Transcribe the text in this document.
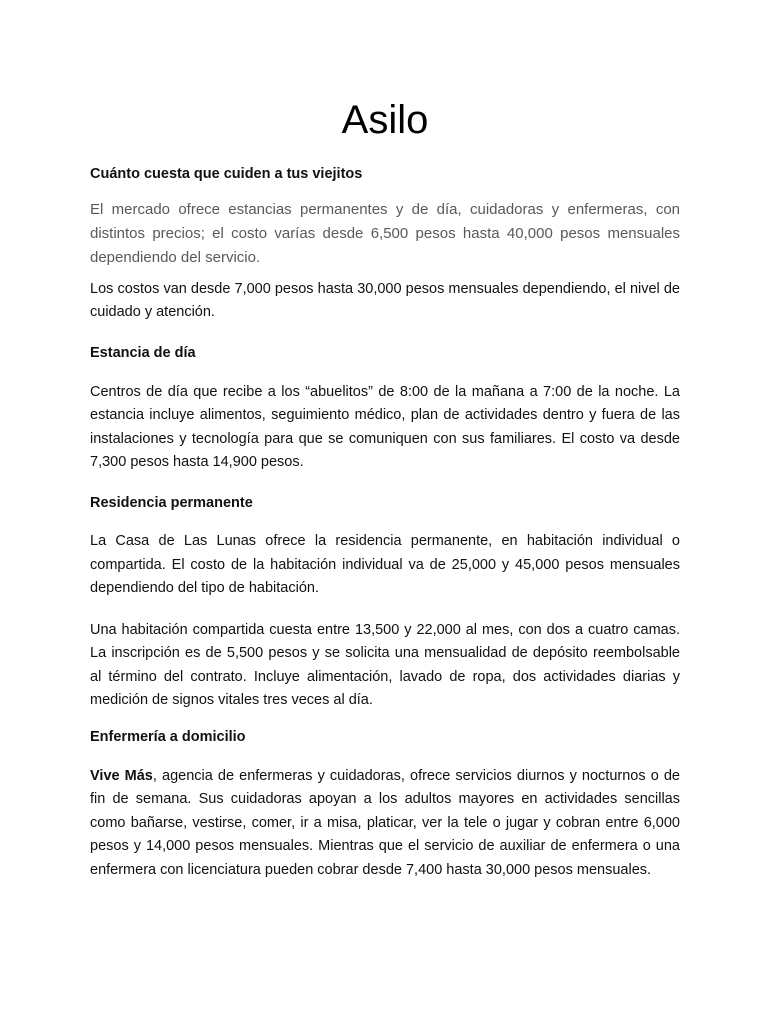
Asilo
Cuánto cuesta que cuiden a tus viejitos

El mercado ofrece estancias permanentes y de día, cuidadoras y enfermeras, con distintos precios; el costo varías desde 6,500 pesos hasta 40,000 pesos mensuales dependiendo del servicio.

Los costos van desde 7,000 pesos hasta 30,000 pesos mensuales dependiendo, el nivel de cuidado y atención.

Estancia de día

Centros de día que recibe a los “abuelitos” de 8:00 de la mañana a 7:00 de la noche. La estancia incluye alimentos, seguimiento médico, plan de actividades dentro y fuera de las instalaciones y tecnología para que se comuniquen con sus familiares. El costo va desde 7,300 pesos hasta 14,900 pesos.

Residencia permanente

La Casa de Las Lunas ofrece la residencia permanente, en habitación individual o compartida. El costo de la habitación individual va de 25,000 y 45,000 pesos mensuales dependiendo del tipo de habitación.

Una habitación compartida cuesta entre 13,500 y 22,000 al mes, con dos a cuatro camas. La inscripción es de 5,500 pesos y se solicita una mensualidad de depósito reembolsable al término del contrato. Incluye alimentación, lavado de ropa, dos actividades diarias y medición de signos vitales tres veces al día.

Enfermería a domicilio

Vive Más, agencia de enfermeras y cuidadoras, ofrece servicios diurnos y nocturnos o de fin de semana. Sus cuidadoras apoyan a los adultos mayores en actividades sencillas como bañarse, vestirse, comer, ir a misa, platicar, ver la tele o jugar y cobran entre 6,000 pesos y 14,000 pesos mensuales. Mientras que el servicio de auxiliar de enfermera o una enfermera con licenciatura pueden cobrar desde 7,400 hasta 30,000 pesos mensuales.
